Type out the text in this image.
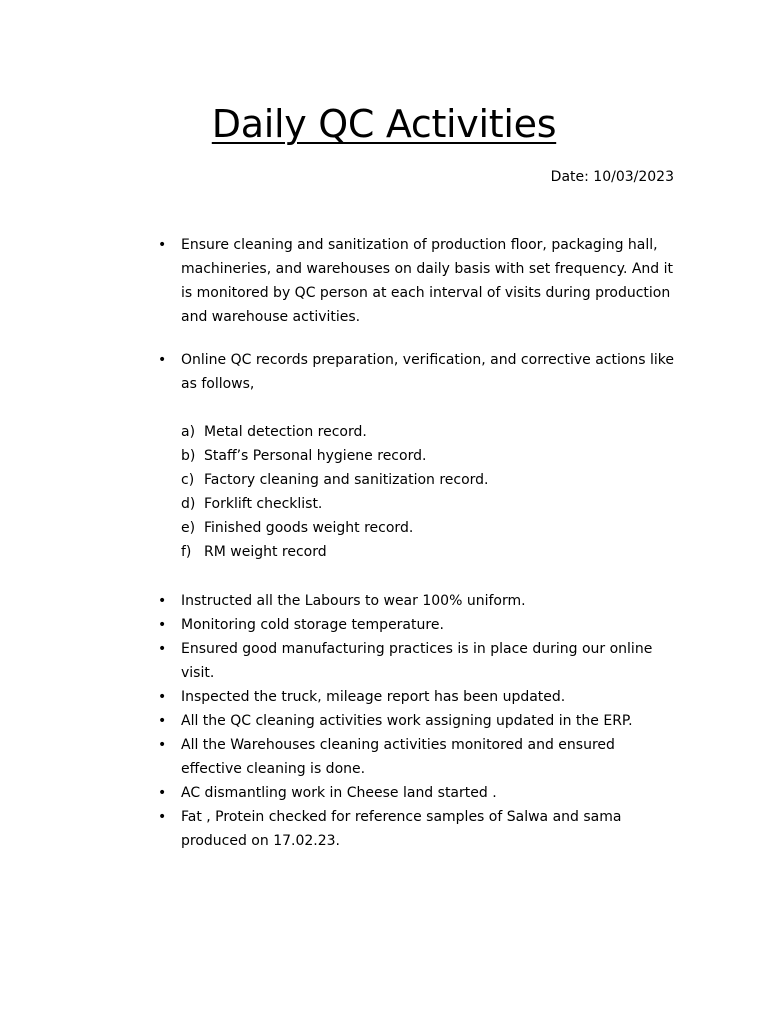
Daily QC Activities
Date: 10/03/2023
•	Ensure cleaning and sanitization of production floor, packaging hall, machineries, and warehouses on daily basis with set frequency. And it is monitored by QC person at each interval of visits during production and warehouse activities.
•	Online QC records preparation, verification, and corrective actions like as follows,
a) Metal detection record.
b) Staff’s Personal hygiene record.
c) Factory cleaning and sanitization record.
d) Forklift checklist.
e) Finished goods weight record.
f) RM weight record
•	Instructed all the Labours to wear 100% uniform.
•	Monitoring cold storage temperature.
•	Ensured good manufacturing practices is in place during our online visit.
•	Inspected the truck, mileage report has been updated.
•	All the QC cleaning activities work assigning updated in the ERP.
•	All the Warehouses cleaning activities monitored and ensured effective cleaning is done.
•	AC dismantling work in Cheese land started .
•	Fat , Protein checked for reference samples of Salwa and sama produced on 17.02.23.
